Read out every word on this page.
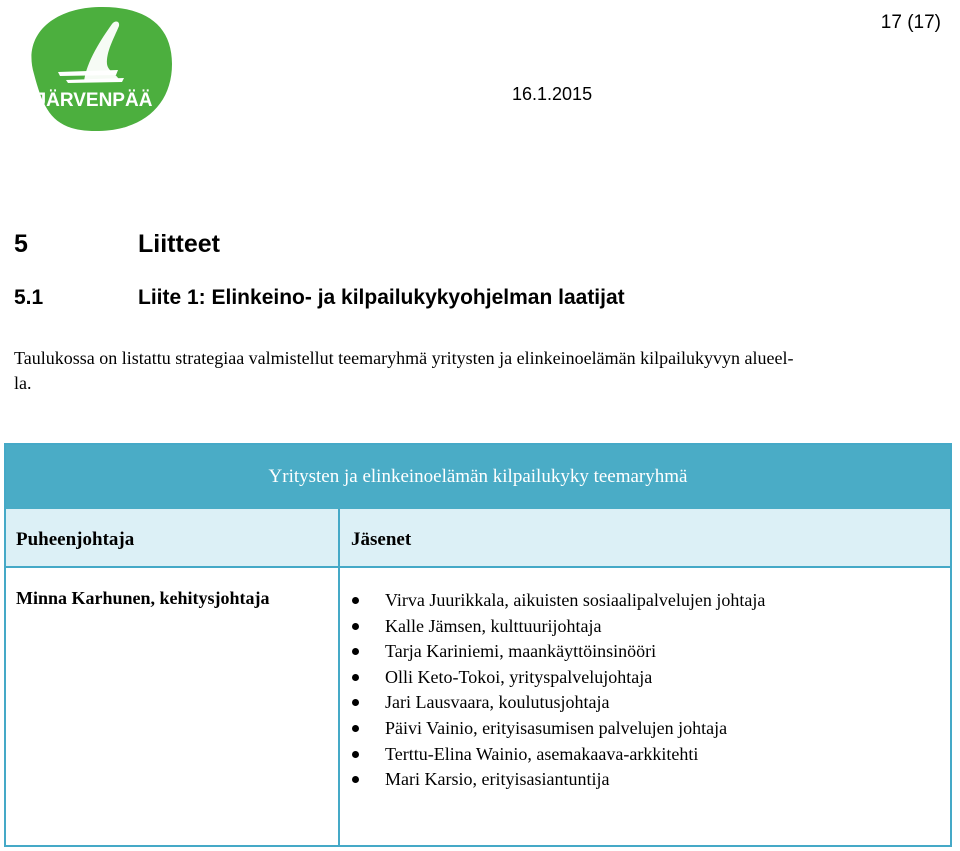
JÄRVENPÄÄ
17 (17)
16.1.2015
5	Liitteet
5.1	Liite 1: Elinkeino- ja kilpailukykyohjelman laatijat
Taulukossa on listattu strategiaa valmistellut teemaryhmä yritysten ja elinkeinoelämän kilpailukyvyn alueel-
la.
Yritysten ja elinkeinoelämän kilpailukyky teemaryhmä
Puheenjohtaja	Jäsenet
Minna Karhunen, kehitysjohtaja	Virva Juurikkala, aikuisten sosiaalipalvelujen johtaja
Kalle Jämsen, kulttuurijohtaja
Tarja Kariniemi, maankäyttöinsinööri
Olli Keto-Tokoi, yrityspalvelujohtaja
Jari Lausvaara, koulutusjohtaja
Päivi Vainio, erityisasumisen palvelujen johtaja
Terttu-Elina Wainio, asemakaava-arkkitehti
Mari Karsio, erityisasiantuntija
